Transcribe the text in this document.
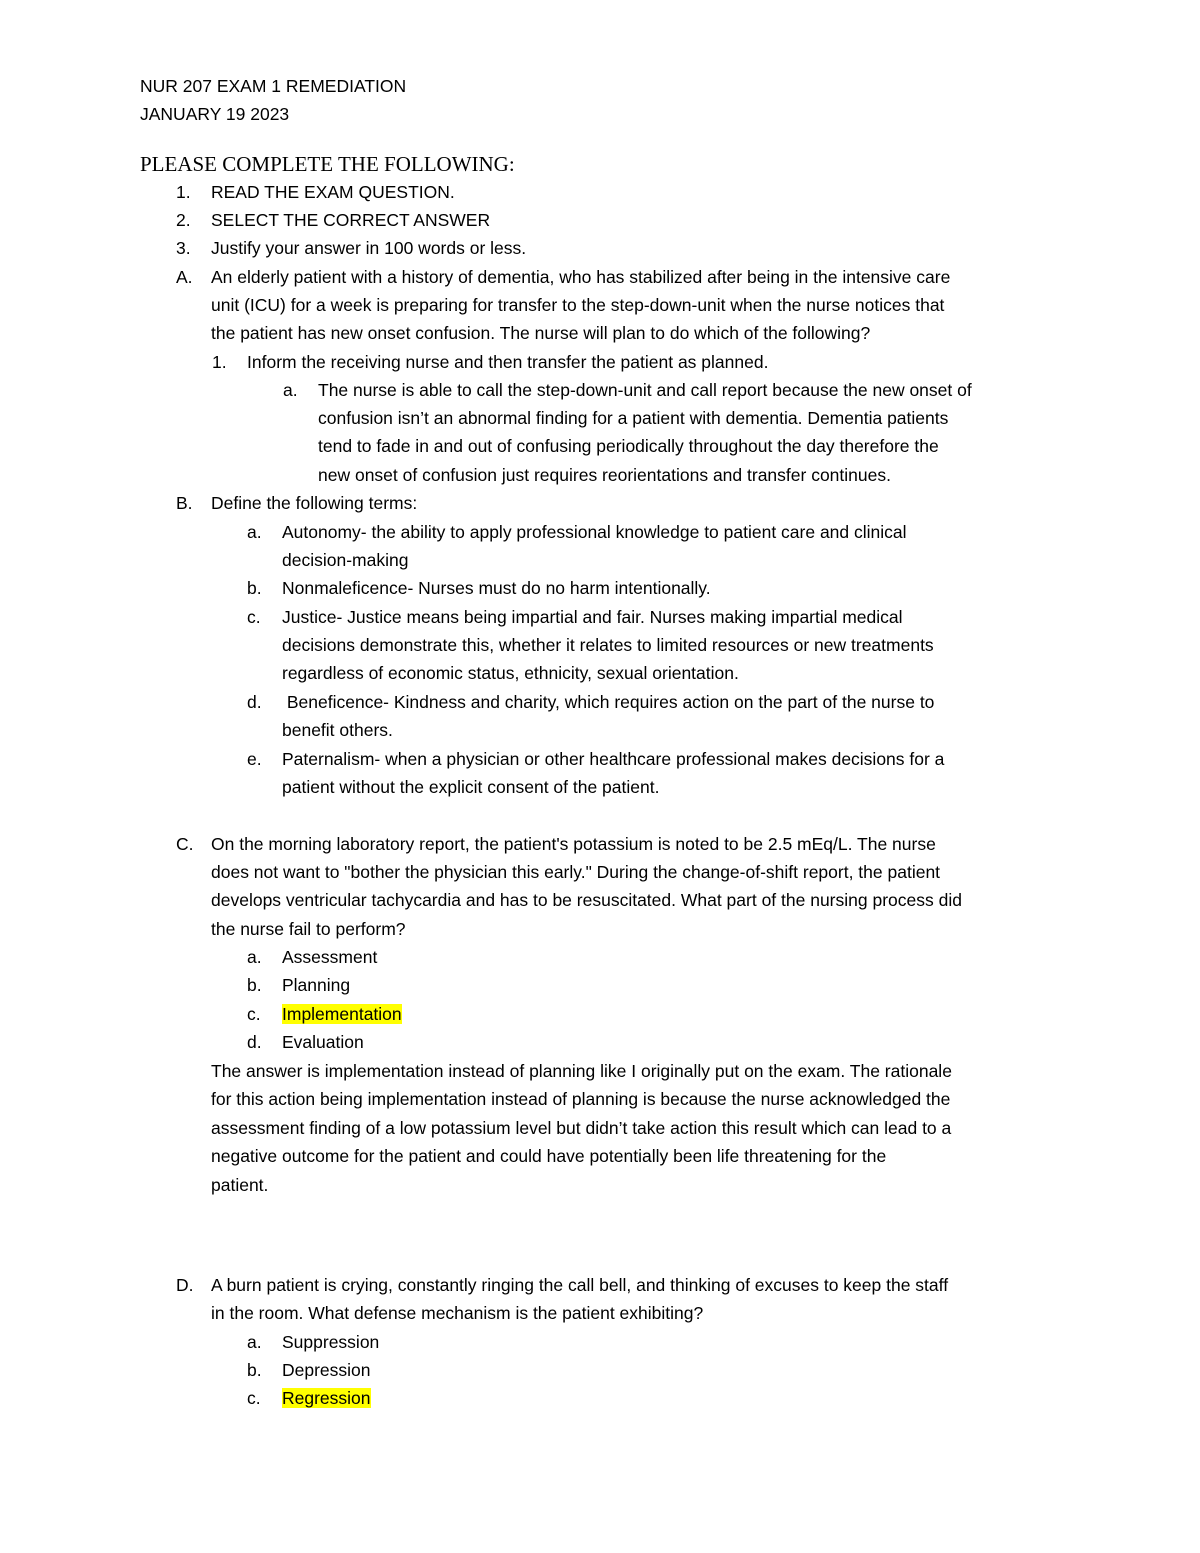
NUR 207 EXAM 1 REMEDIATION
JANUARY 19 2023
PLEASE COMPLETE THE FOLLOWING:
1. READ THE EXAM QUESTION.
2. SELECT THE CORRECT ANSWER
3. Justify your answer in 100 words or less.
A. An elderly patient with a history of dementia, who has stabilized after being in the intensive care
unit (ICU) for a week is preparing for transfer to the step-down-unit when the nurse notices that
the patient has new onset confusion. The nurse will plan to do which of the following?
1. Inform the receiving nurse and then transfer the patient as planned.
a. The nurse is able to call the step-down-unit and call report because the new onset of
confusion isn’t an abnormal finding for a patient with dementia. Dementia patients
tend to fade in and out of confusing periodically throughout the day therefore the
new onset of confusion just requires reorientations and transfer continues.
B. Define the following terms:
a. Autonomy- the ability to apply professional knowledge to patient care and clinical
decision-making
b. Nonmaleficence- Nurses must do no harm intentionally.
c. Justice- Justice means being impartial and fair. Nurses making impartial medical
decisions demonstrate this, whether it relates to limited resources or new treatments
regardless of economic status, ethnicity, sexual orientation.
d. Beneficence- Kindness and charity, which requires action on the part of the nurse to
benefit others.
e. Paternalism- when a physician or other healthcare professional makes decisions for a
patient without the explicit consent of the patient.
C. On the morning laboratory report, the patient's potassium is noted to be 2.5 mEq/L. The nurse
does not want to "bother the physician this early." During the change-of-shift report, the patient
develops ventricular tachycardia and has to be resuscitated. What part of the nursing process did
the nurse fail to perform?
a. Assessment
b. Planning
c. Implementation
d. Evaluation
The answer is implementation instead of planning like I originally put on the exam. The rationale
for this action being implementation instead of planning is because the nurse acknowledged the
assessment finding of a low potassium level but didn’t take action this result which can lead to a
negative outcome for the patient and could have potentially been life threatening for the
patient.
D. A burn patient is crying, constantly ringing the call bell, and thinking of excuses to keep the staff
in the room. What defense mechanism is the patient exhibiting?
a. Suppression
b. Depression
c. Regression
